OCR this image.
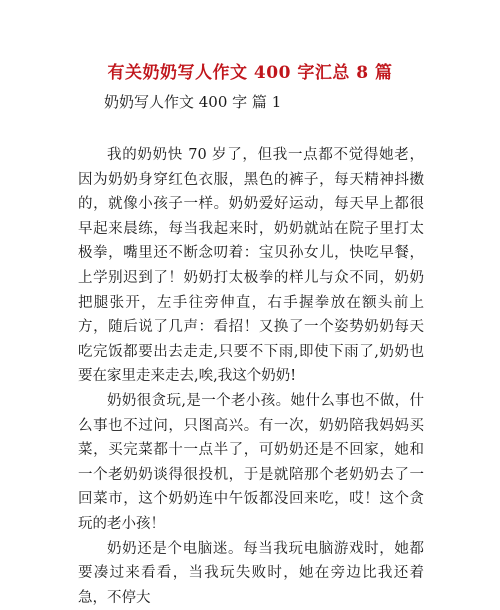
有关奶奶写人作文 400 字汇总 8 篇
奶奶写人作文 400 字 篇 1

我的奶奶快 70 岁了，但我一点都不觉得她老，因为奶奶身穿红色衣服，黑色的裤子，每天精神抖擞的，就像小孩子一样。奶奶爱好运动，每天早上都很早起来晨练，每当我起来时，奶奶就站在院子里打太极拳，嘴里还不断念叨着：宝贝孙女儿，快吃早餐，上学别迟到了！奶奶打太极拳的样儿与众不同，奶奶把腿张开，左手往旁伸直，右手握拳放在额头前上方，随后说了几声：看招！又换了一个姿势奶奶每天吃完饭都要出去走走,只要不下雨,即使下雨了,奶奶也要在家里走来走去,唉,我这个奶奶!

奶奶很贪玩,是一个老小孩。她什么事也不做，什么事也不过问，只图高兴。有一次，奶奶陪我妈妈买菜，买完菜都十一点半了，可奶奶还是不回家，她和一个老奶奶谈得很投机，于是就陪那个老奶奶去了一回菜市，这个奶奶连中午饭都没回来吃，哎！这个贪玩的老小孩！

奶奶还是个电脑迷。每当我玩电脑游戏时，她都要凑过来看看，当我玩失败时，她在旁边比我还着急，不停大
